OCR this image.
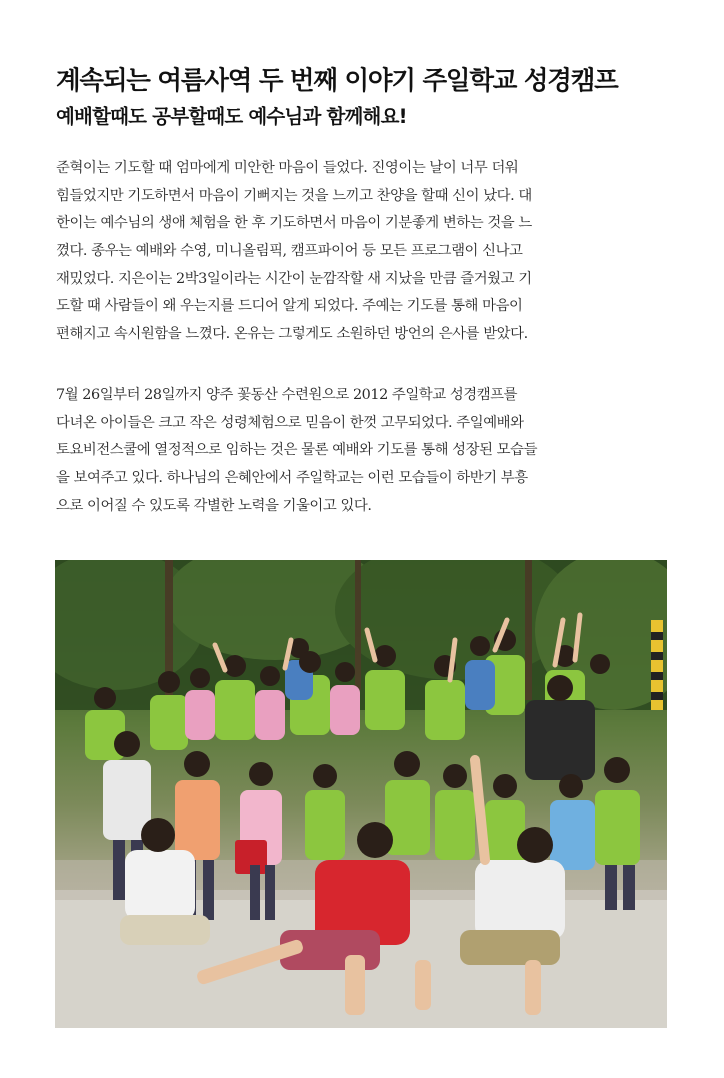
계속되는 여름사역 두 번째 이야기 주일학교 성경캠프
예배할때도 공부할때도 예수님과 함께해요!
준혁이는 기도할 때 엄마에게 미안한 마음이 들었다. 진영이는 날이 너무 더워
힘들었지만 기도하면서 마음이 기뻐지는 것을 느끼고 찬양을 할때 신이 났다. 대
한이는 예수님의 생애 체험을 한 후 기도하면서 마음이 기분좋게 변하는 것을 느
꼈다. 종우는 예배와 수영, 미니올림픽, 캠프파이어 등 모든 프로그램이 신나고
재밌었다. 지은이는 2박3일이라는 시간이 눈깜작할 새 지났을 만큼 즐거웠고 기
도할 때 사람들이 왜 우는지를 드디어 알게 되었다. 주예는 기도를 통해 마음이
편해지고 속시원함을 느꼈다. 온유는 그렇게도 소원하던 방언의 은사를 받았다.
7월 26일부터 28일까지 양주 꽃동산 수련원으로 2012 주일학교 성경캠프를
다녀온 아이들은 크고 작은 성령체험으로 믿음이 한껏 고무되었다. 주일예배와
토요비전스쿨에 열정적으로 임하는 것은 물론 예배와 기도를 통해 성장된 모습들
을 보여주고 있다. 하나님의 은혜안에서 주일학교는 이런 모습들이 하반기 부흥
으로 이어질 수 있도록 각별한 노력을 기울이고 있다.
